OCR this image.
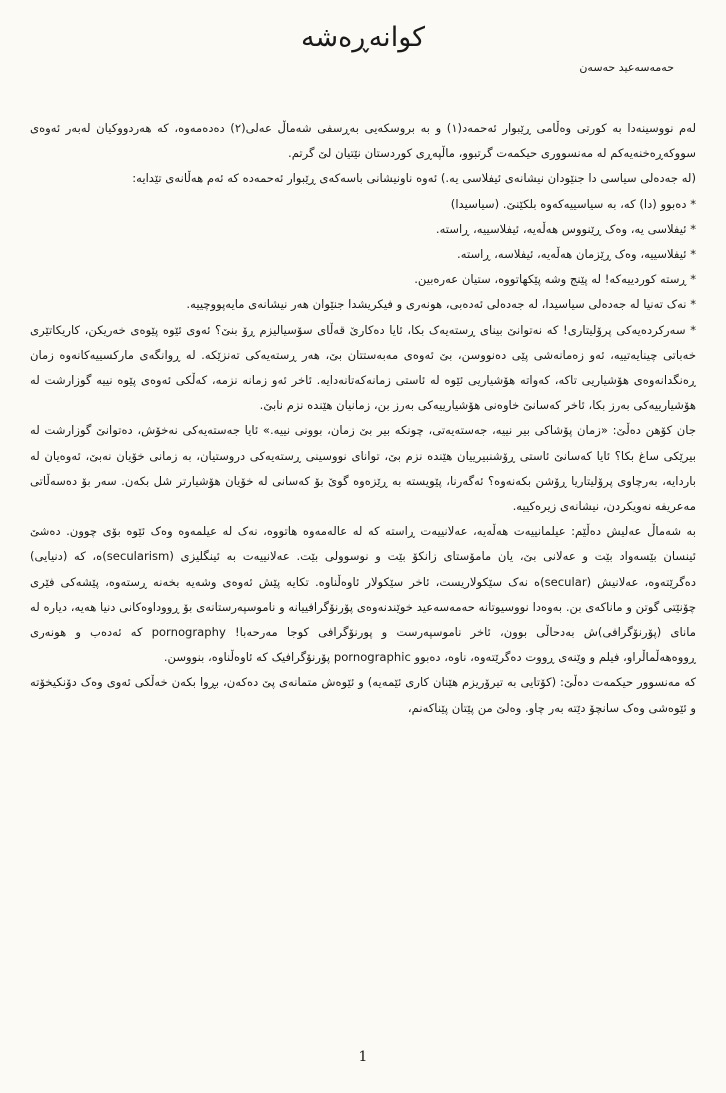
کوانەڕەشە
حەمەسەعید حەسەن

لەم نووسینەدا بە کورتی وەڵامی ڕێبوار ئەحمەد(١) و بە بروسکەیی بەڕسفی شەماڵ عەلی(٢) دەدەمەوە، کە هەردووکیان لەبەر ئەوەی سووکەڕەخنەیەکم لە مەنسووری حیکمەت گرتبوو، ماڵپەڕی کوردستان نێتیان لێ گرتم.

(لە جەدەلی سیاسی دا جنێودان نیشانەی ئیفلاسی یە.) ئەوە ناونیشانی باسەکەی ڕێبوار ئەحمەدە کە ئەم هەڵانەی تێدایە:

* دەبوو (دا) کە، بە سیاسییەکەوە بلکێنێ. (سیاسیدا)

* ئیفلاسی یە، وەک ڕێنووس هەڵەیە، ئیفلاسییە، ڕاستە.

* ئیفلاسییە، وەک ڕێزمان هەڵەیە، ئیفلاسە، ڕاستە.

* ڕستە کوردییەکە! لە پێنج وشە پێکهاتووە، ستیان عەرەبین.

* نەک تەنیا لە جەدەلی سیاسیدا، لە جەدەلی ئەدەبی، هونەری و فیکریشدا جنێوان هەر نیشانەی مایەپووچییە.

* سەرکردەیەکی پرۆلیتاری! کە نەتوانێ بینای ڕستەیەک بکا، ئایا دەکارێ قەڵای سۆسیالیزم ڕۆ بنێ؟ ئەوی ئێوە پێوەی خەریکن، کاریکاتێری خەباتی چینایەتییە، ئەو زەمانەشی پێی دەنووسن، بێ ئەوەی مەبەستتان بێ، هەر ڕستەیەکی تەنزێکە. لە ڕوانگەی مارکسییەکانەوە زمان ڕەنگدانەوەی هۆشیاریی تاکە، کەواتە هۆشیاریی ئێوە لە ئاستی زمانەکەتانەدایە. ئاخر ئەو زمانە نزمە، کەڵکی ئەوەی پێوە نییە گوزارشت لە هۆشیارییەکی بەرز بکا، ئاخر کەسانێ خاوەنی هۆشیارییەکی بەرز بن، زمانیان هێندە نزم نابێ.

جان کۆهن دەڵێ: «زمان پۆشاکی بیر نییە، جەستەیەتی، چونکە بیر بێ زمان، بوونی نییە.» ئایا جەستەیەکی نەخۆش، دەتوانێ گوزارشت لە بیرێکی ساغ بکا؟ ئایا کەسانێ ئاستی ڕۆشنبیرییان هێندە نزم بێ، توانای نووسینی ڕستەیەکی دروستیان، بە زمانی خۆیان نەبێ، ئەوەیان لە باردایە، بەرچاوی پرۆلیتاریا ڕۆشن بکەنەوە؟ ئەگەرنا، پێویستە بە ڕێزەوە گوێ بۆ کەسانی لە خۆیان هۆشیارتر شل بکەن. سەر بۆ دەسەڵاتی مەعریفە نەویکردن، نیشانەی زیرەکییە.

بە شەماڵ عەلیش دەڵێم: عیلمانییەت هەڵەیە، عەلانییەت ڕاستە کە لە عالەمەوە هاتووە، نەک لە عیلمەوە وەک ئێوە بۆی چوون. دەشێ ئینسان بێسەواد بێت و عەلانی بێ، یان مامۆستای زانکۆ بێت و نوسوولی بێت. عەلانییەت بە ئینگلیزی (secularism)ە، کە (دنیایی) دەگرێتەوە، عەلانیش (secular)ە نەک سێکولاریست، ئاخر سێکولار ئاوەڵناوە. تکایە پێش ئەوەی وشەیە بخەنە ڕستەوە، پێشەکی فێری چۆنێتی گوتن و ماناکەی بن. بەوەدا نووسیوتانە حەمەسەعید خوێندنەوەی پۆرنۆگرافییانە و ناموسپەرستانەی بۆ ڕووداوەکانی دنیا هەیە، دیارە لە مانای (پۆرنۆگرافی)ش بەدحاڵی بوون، ئاخر ناموسپەرست و پورنۆگرافی کوجا مەرحەبا! pornography کە ئەدەب و هونەری ڕووەهەڵماڵراو، فیلم و وێنەی ڕووت دەگرێتەوە، ناوە، دەبوو pornographic پۆرنۆگرافیک کە ئاوەڵناوە، بنووسن.

کە مەنسوور حیکمەت دەڵێ: (کۆتایی بە تیرۆریزم هێنان کاری ئێمەیە) و ئێوەش متمانەی پێ دەکەن، بڕوا بکەن خەڵکی ئەوی وەک دۆنکیخۆتە و ئێوەشی وەک سانچۆ دێتە بەر چاو. وەلێ من پێتان پێناکەنم،

1
